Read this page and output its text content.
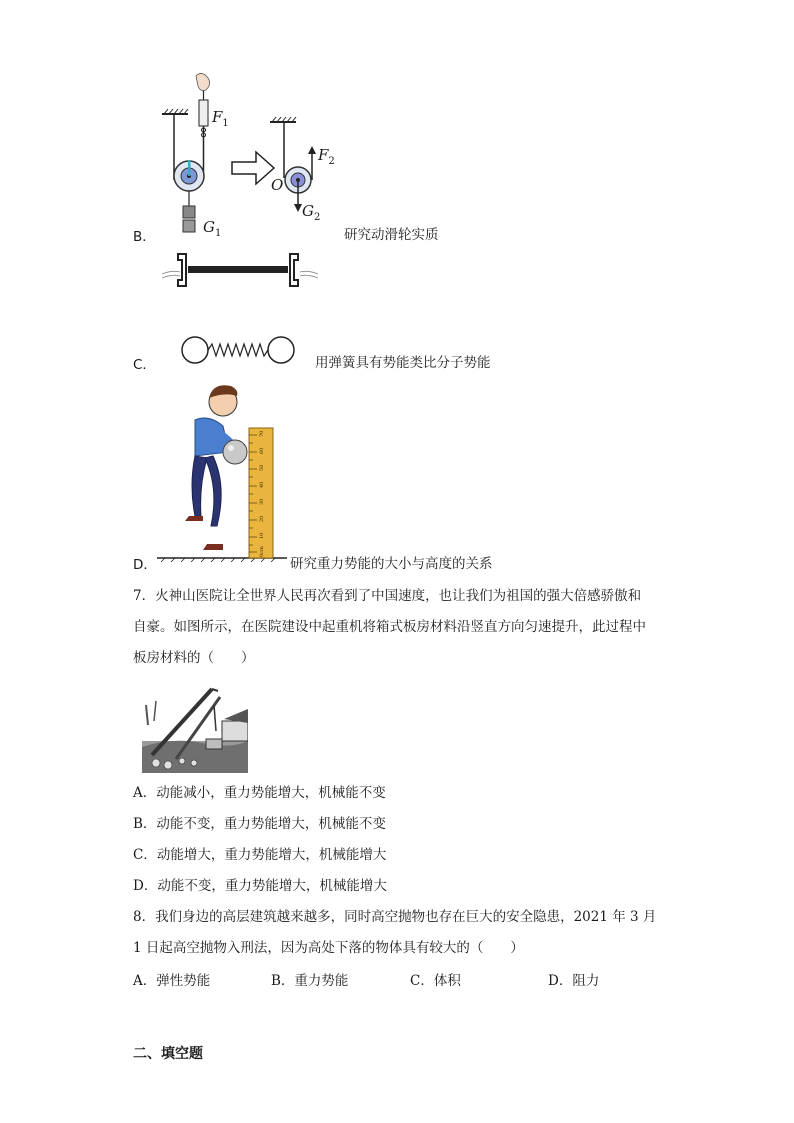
$F_1$
$F_2$
O
$G_2$
$G_1$
B．	研究动滑轮实质
C．	用弹簧具有势能类比分子势能
70
60
50
40
30
20
10
0cm
D．	研究重力势能的大小与高度的关系
7．火神山医院让全世界人民再次看到了中国速度，也让我们为祖国的强大倍感骄傲和
自豪。如图所示，在医院建设中起重机将箱式板房材料沿竖直方向匀速提升，此过程中
板房材料的（　　）
A．动能减小，重力势能增大，机械能不变
B．动能不变，重力势能增大，机械能不变
C．动能增大，重力势能增大，机械能增大
D．动能不变，重力势能增大，机械能增大
8．我们身边的高层建筑越来越多，同时高空抛物也存在巨大的安全隐患，2021 年 3 月
1 日起高空抛物入刑法，因为高处下落的物体具有较大的（　　）
A．弹性势能	B．重力势能	C．体积	D．阻力
二、填空题
